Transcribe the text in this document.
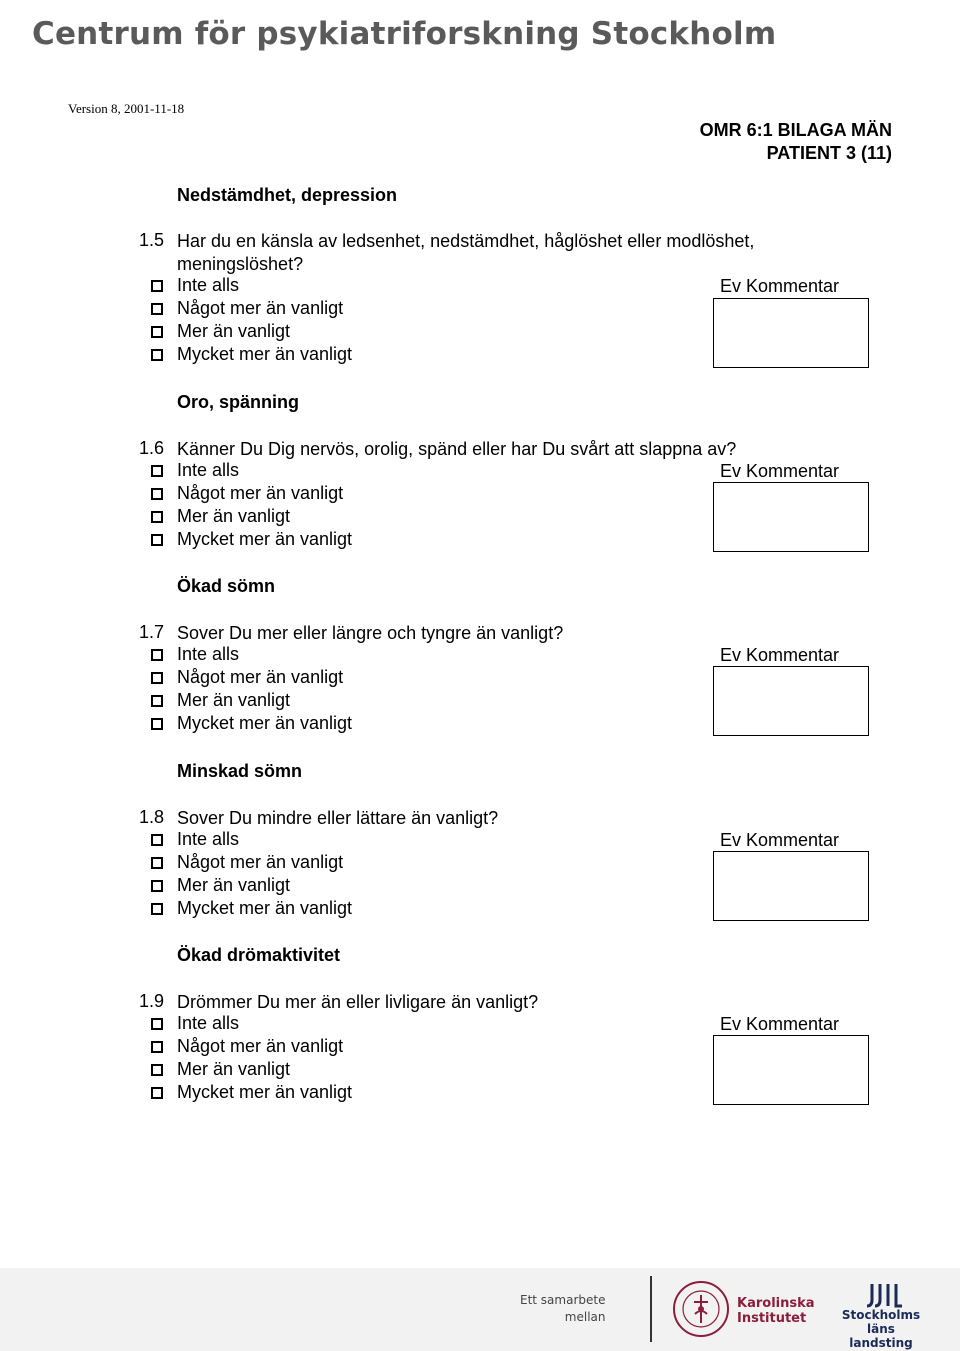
Centrum för psykiatriforskning Stockholm
Version 8, 2001-11-18
OMR 6:1 BILAGA MÄN
PATIENT 3 (11)
Nedstämdhet, depression
1.5 Har du en känsla av ledsenhet, nedstämdhet, håglöshet eller modlöshet, meningslöshet?
Inte alls
Något mer än vanligt
Mer än vanligt
Mycket mer än vanligt
Ev Kommentar
Oro, spänning
1.6 Känner Du Dig nervös, orolig, spänd eller har Du svårt att slappna av?
Inte alls
Något mer än vanligt
Mer än vanligt
Mycket mer än vanligt
Ev Kommentar
Ökad sömn
1.7 Sover Du mer eller längre och tyngre än vanligt?
Inte alls
Något mer än vanligt
Mer än vanligt
Mycket mer än vanligt
Ev Kommentar
Minskad sömn
1.8 Sover Du mindre eller lättare än vanligt?
Inte alls
Något mer än vanligt
Mer än vanligt
Mycket mer än vanligt
Ev Kommentar
Ökad drömaktivitet
1.9 Drömmer Du mer än eller livligare än vanligt?
Inte alls
Något mer än vanligt
Mer än vanligt
Mycket mer än vanligt
Ev Kommentar
Ett samarbete
mellan
Karolinska
Institutet	Stockholms läns
landsting
